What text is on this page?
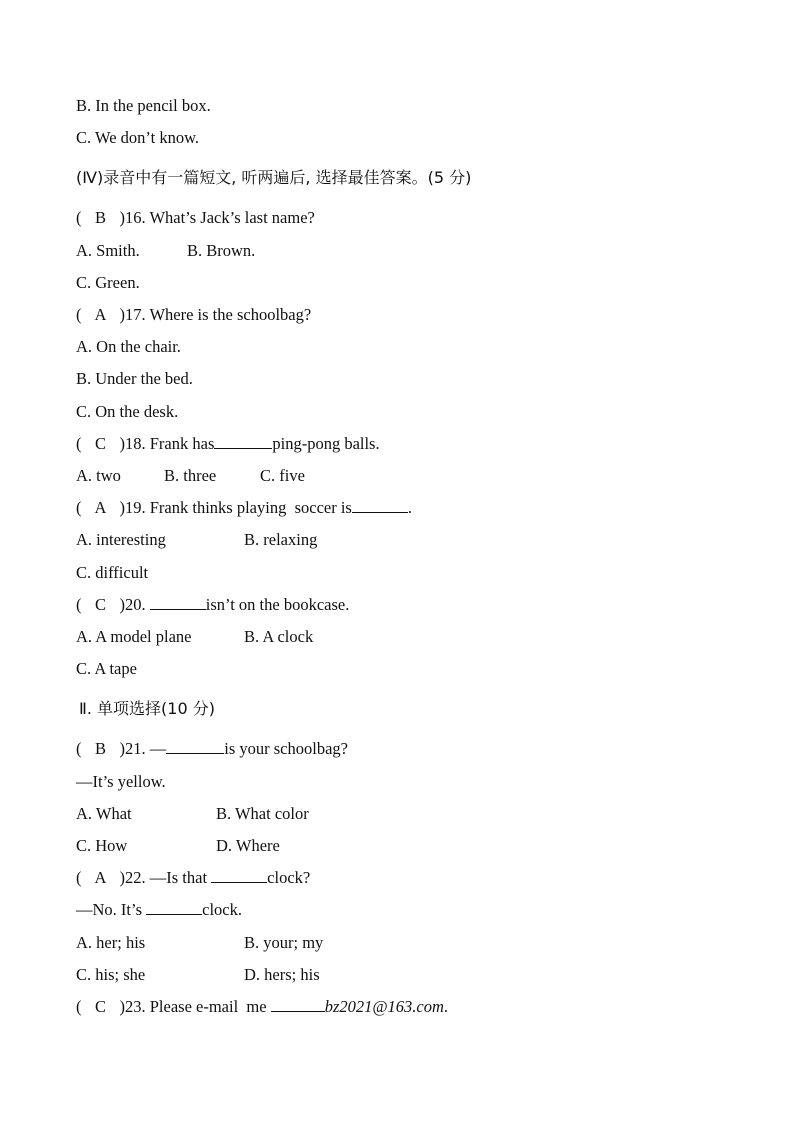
B. In the pencil box.
C. We don’t know.
(Ⅳ)录音中有一篇短文, 听两遍后, 选择最佳答案。(5 分)
( B )16. What’s Jack’s last name?
A. Smith.	B. Brown.
C. Green.
( A )17. Where is the schoolbag?
A. On the chair.
B. Under the bed.
C. On the desk.
( C )18. Frank has	ping-pong balls.
A. two	B. three	C. five
( A )19. Frank thinks playing  soccer is	.
A. interesting	B. relaxing
C. difficult
( C )20.	isn’t on the bookcase.
A. A model plane	B. A clock
C. A tape
Ⅱ. 单项选择(10 分)
( B )21. —	is your schoolbag?
—It’s yellow.
A. What	B. What color
C. How	D. Where
( A )22. —Is that	clock?
—No. It’s	clock.
A. her; his	B. your; my
C. his; she	D. hers; his
( C )23. Please e-mail  me	bz2021@163.com.
